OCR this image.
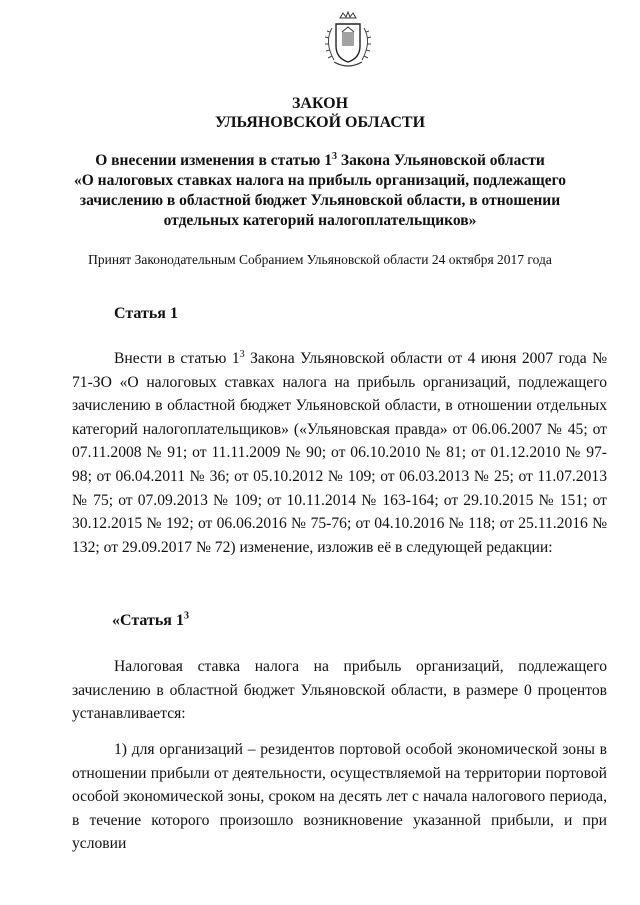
ЗАКОН
УЛЬЯНОВСКОЙ ОБЛАСТИ
О внесении изменения в статью $1^3$ Закона Ульяновской области
«О налоговых ставках налога на прибыль организаций, подлежащего
зачислению в областной бюджет Ульяновской области, в отношении
отдельных категорий налогоплательщиков»
Принят Законодательным Собранием Ульяновской области 24 октября 2017 года
Статья 1
Внести в статью $1^3$ Закона Ульяновской области от 4 июня 2007 года № 71-ЗО «О налоговых ставках налога на прибыль организаций, подлежащего зачислению в областной бюджет Ульяновской области, в отношении отдельных категорий налогоплательщиков» («Ульяновская правда» от 06.06.2007 № 45; от 07.11.2008 № 91; от 11.11.2009 № 90; от 06.10.2010 № 81; от 01.12.2010 № 97-98; от 06.04.2011 № 36; от 05.10.2012 № 109; от 06.03.2013 № 25; от 11.07.2013 № 75; от 07.09.2013 № 109; от 10.11.2014 № 163-164; от 29.10.2015 № 151; от 30.12.2015 № 192; от 06.06.2016 № 75-76; от 04.10.2016 № 118; от 25.11.2016 № 132; от 29.09.2017 № 72) изменение, изложив её в следующей редакции:
«Статья $1^3$
Налоговая ставка налога на прибыль организаций, подлежащего зачислению в областной бюджет Ульяновской области, в размере 0 процентов устанавливается:
1) для организаций – резидентов портовой особой экономической зоны в отношении прибыли от деятельности, осуществляемой на территории портовой особой экономической зоны, сроком на десять лет с начала налогового периода, в течение которого произошло возникновение указанной прибыли, и при условии
